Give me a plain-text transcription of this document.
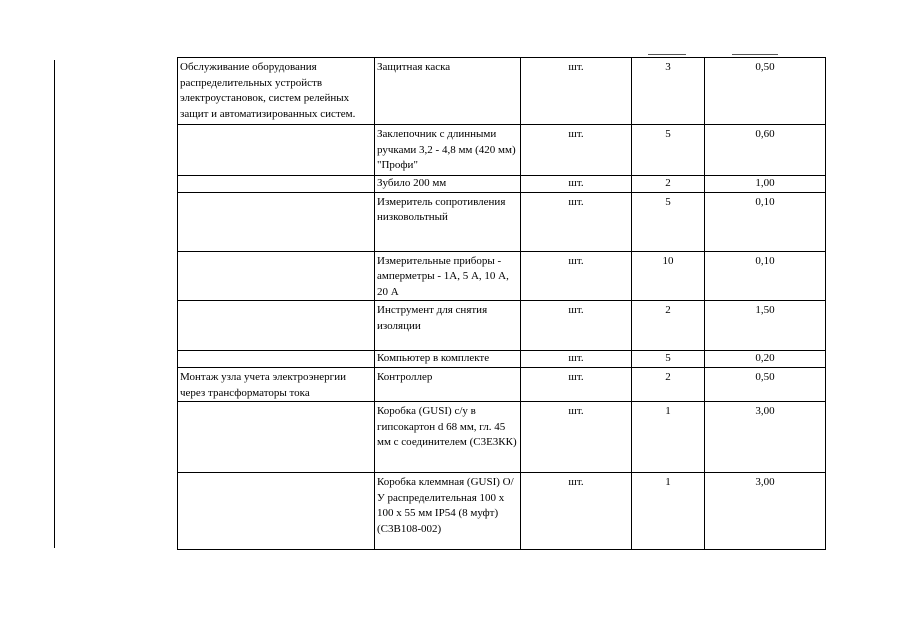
Обслуживание оборудования распределительных устройств электроустановок, систем релейных защит и автоматизированных систем.	Защитная каска	шт.	3	0,50
	Заклепочник с длинными ручками 3,2 - 4,8 мм (420 мм) "Профи"	шт.	5	0,60
	Зубило 200 мм	шт.	2	1,00
	Измеритель сопротивления низковольтный	шт.	5	0,10
	Измерительные приборы - амперметры - 1А, 5 А, 10 А, 20 А	шт.	10	0,10
	Инструмент для снятия изоляции	шт.	2	1,50
	Компьютер в комплекте	шт.	5	0,20
Монтаж узла учета электроэнергии через трансформаторы тока	Контроллер	шт.	2	0,50
	Коробка (GUSI) с/у в гипсокартон d 68 мм, гл. 45 мм с соединителем (С3Е3КК)	шт.	1	3,00
	Коробка клеммная (GUSI) О/У распределительная 100 х 100 х 55 мм IP54 (8 муфт) (С3В108-002)	шт.	1	3,00
